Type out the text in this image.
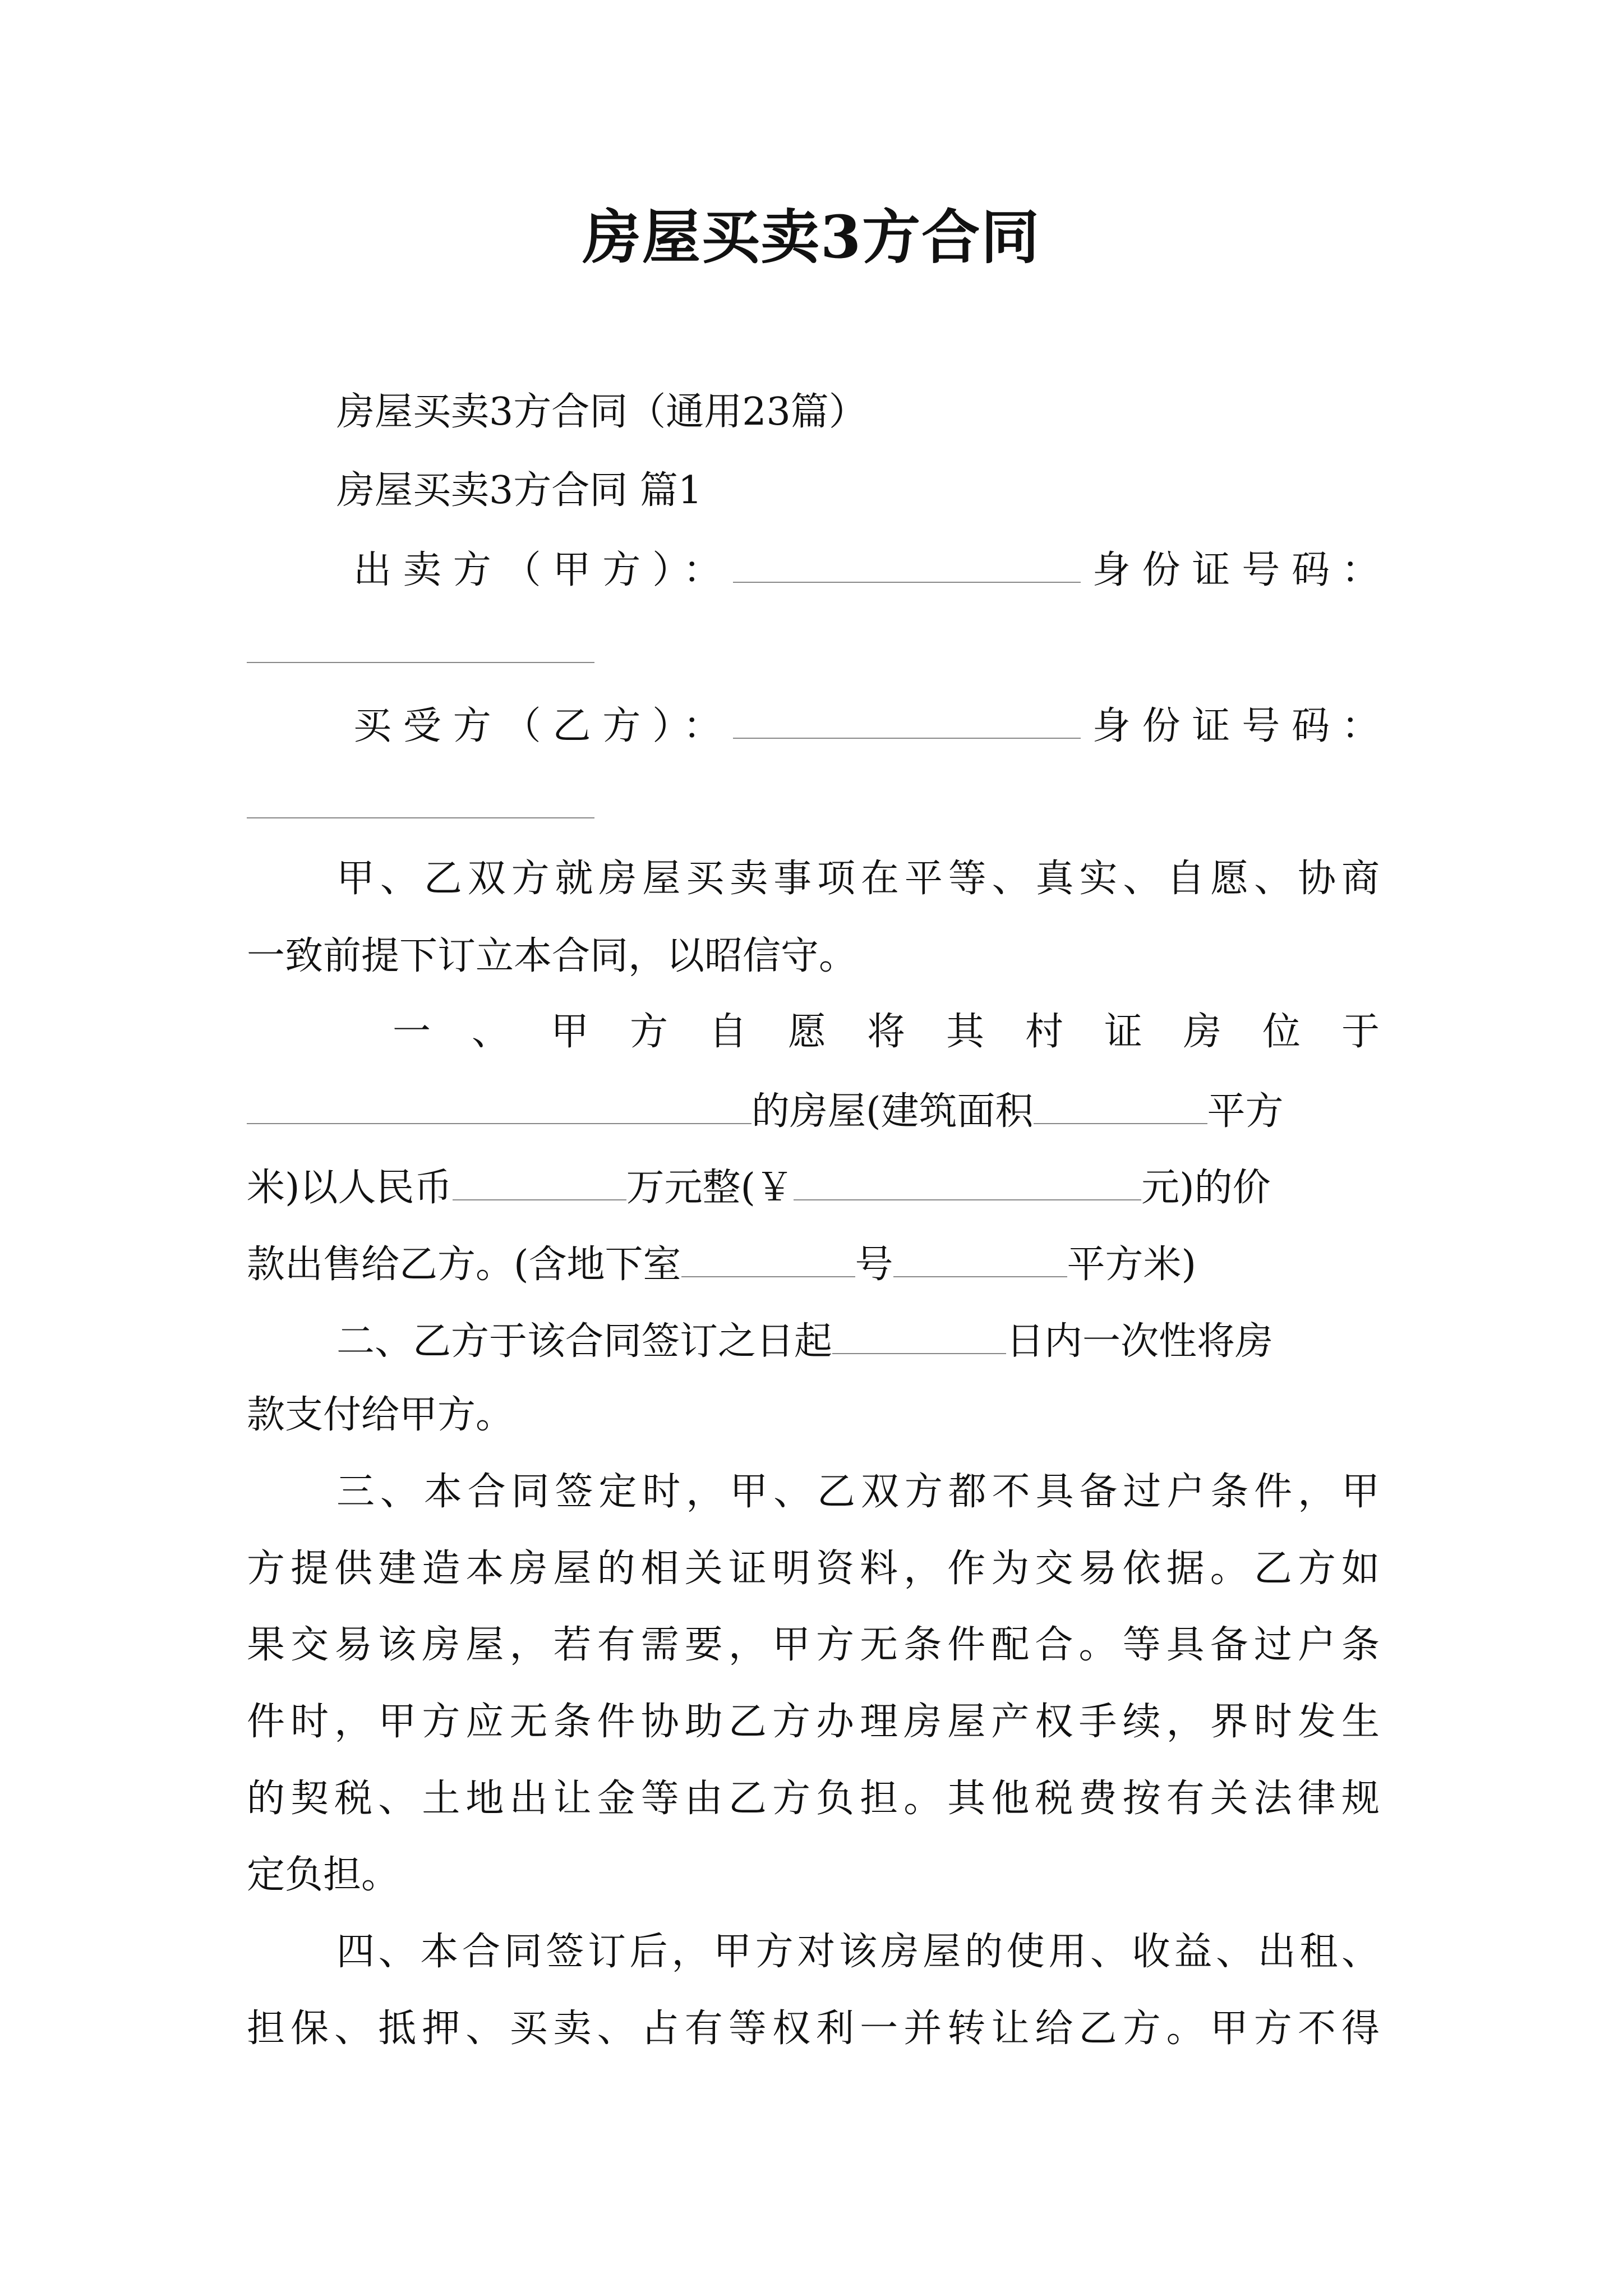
房屋买卖3方合同

房屋买卖3方合同（通用23篇）

房屋买卖3方合同 篇1

出卖方（甲方）：	身份证号码：

买受方（乙方）：	身份证号码：

甲、乙双方就房屋买卖事项在平等、真实、自愿、协商

一致前提下订立本合同，以昭信守。

一、甲方自愿将其村证房位于

的房屋(建筑面积	平方

米)以人民币	万元整(￥	元)的价

款出售给乙方。(含地下室	号	平方米)

二、乙方于该合同签订之日起	日内一次性将房

款支付给甲方。

三、本合同签定时，甲、乙双方都不具备过户条件，甲

方提供建造本房屋的相关证明资料，作为交易依据。乙方如

果交易该房屋，若有需要，甲方无条件配合。等具备过户条

件时，甲方应无条件协助乙方办理房屋产权手续，界时发生

的契税、土地出让金等由乙方负担。其他税费按有关法律规

定负担。

四、本合同签订后，甲方对该房屋的使用、收益、出租、

担保、抵押、买卖、占有等权利一并转让给乙方。甲方不得
